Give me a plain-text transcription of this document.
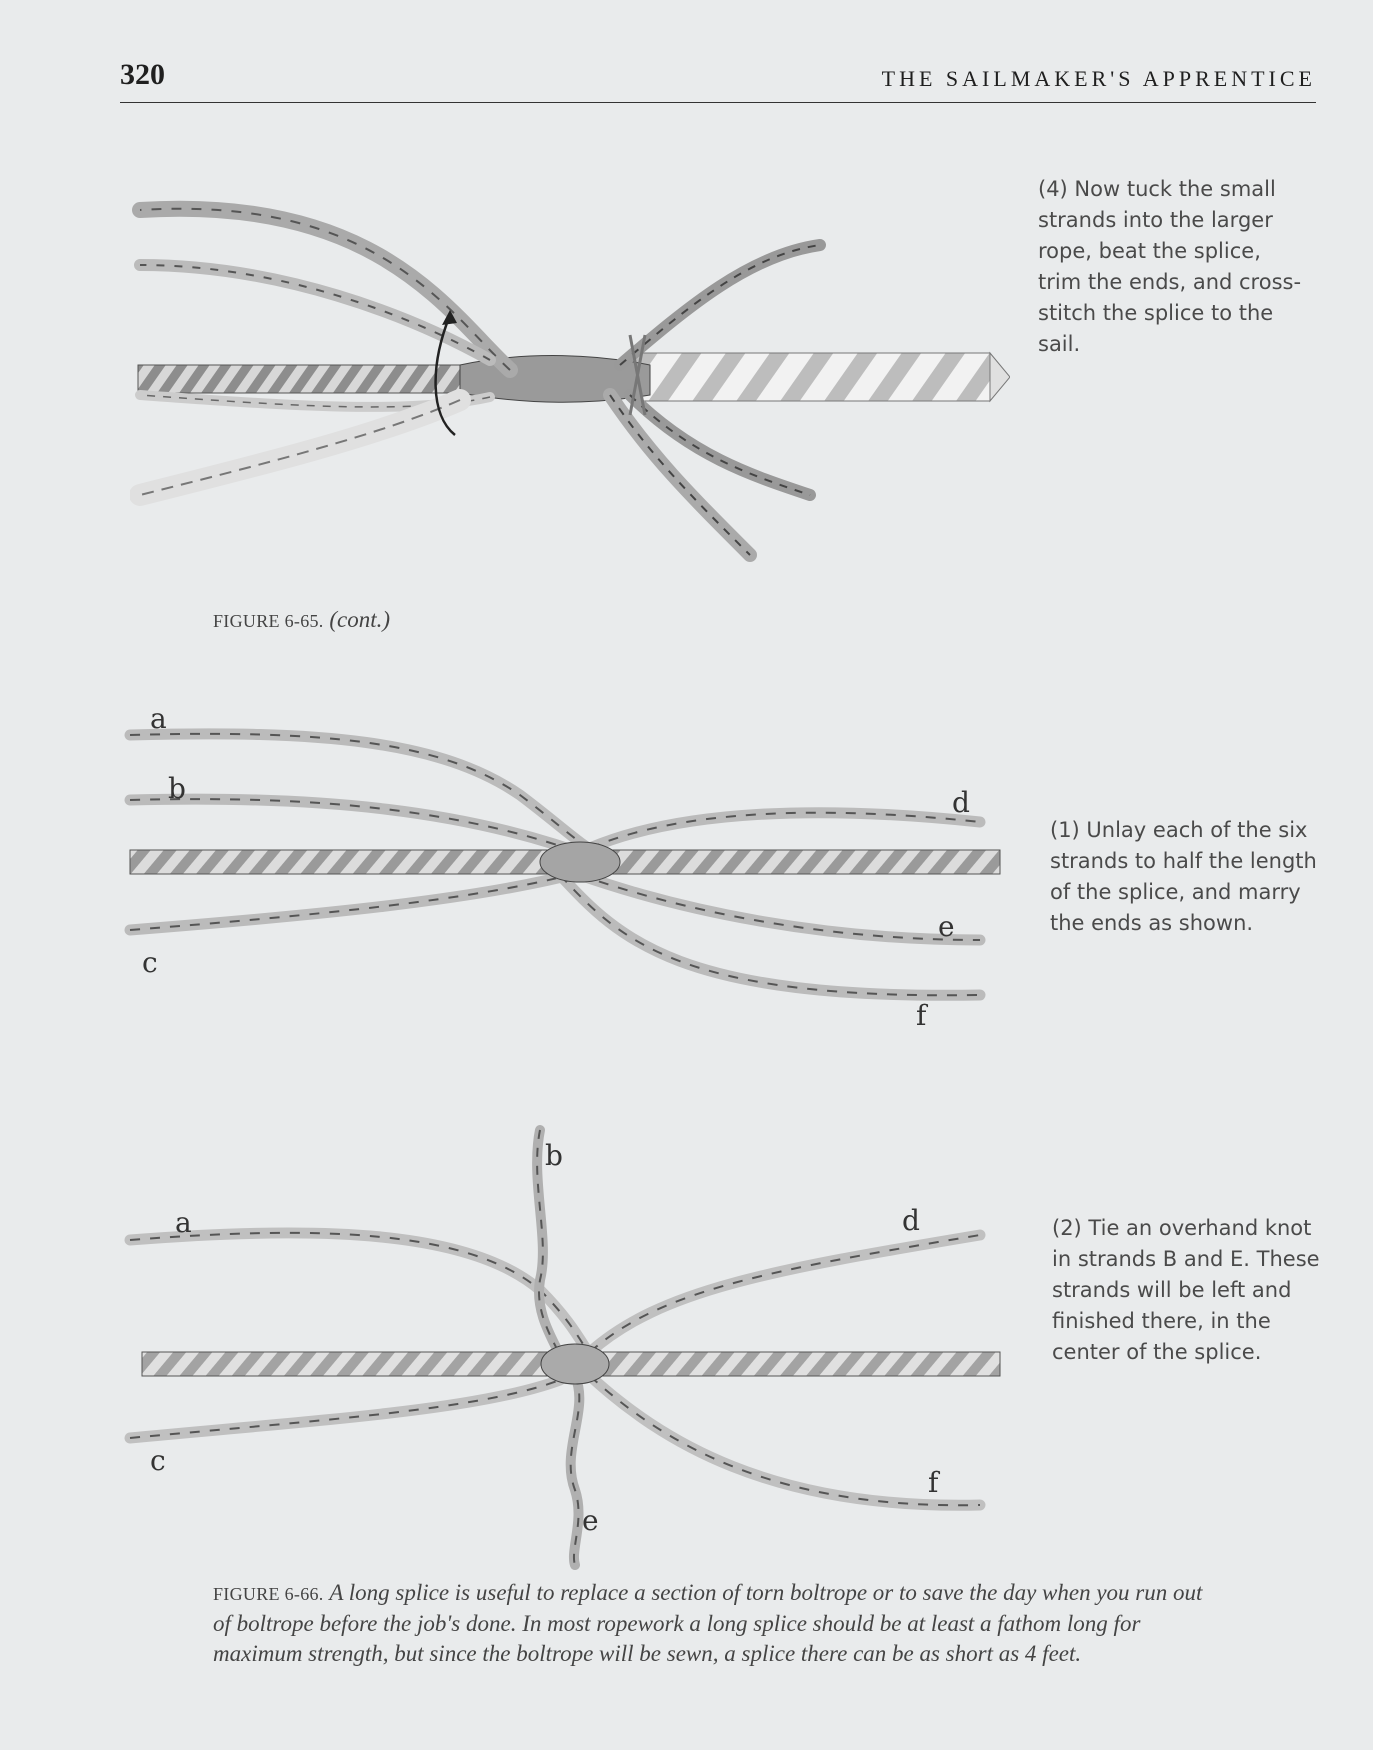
320	THE SAILMAKER'S APPRENTICE

(4) Now tuck the small strands into the larger rope, beat the splice, trim the ends, and cross-stitch the splice to the sail.

FIGURE 6-65. (cont.)
a
b
c
d
e
f

(1) Unlay each of the six strands to half the length of the splice, and marry the ends as shown.

a
b
c
d
e
f

(2) Tie an overhand knot in strands B and E. These strands will be left and finished there, in the center of the splice.

FIGURE 6-66. A long splice is useful to replace a section of torn boltrope or to save the day when you run out of boltrope before the job's done. In most ropework a long splice should be at least a fathom long for maximum strength, but since the boltrope will be sewn, a splice there can be as short as 4 feet.
